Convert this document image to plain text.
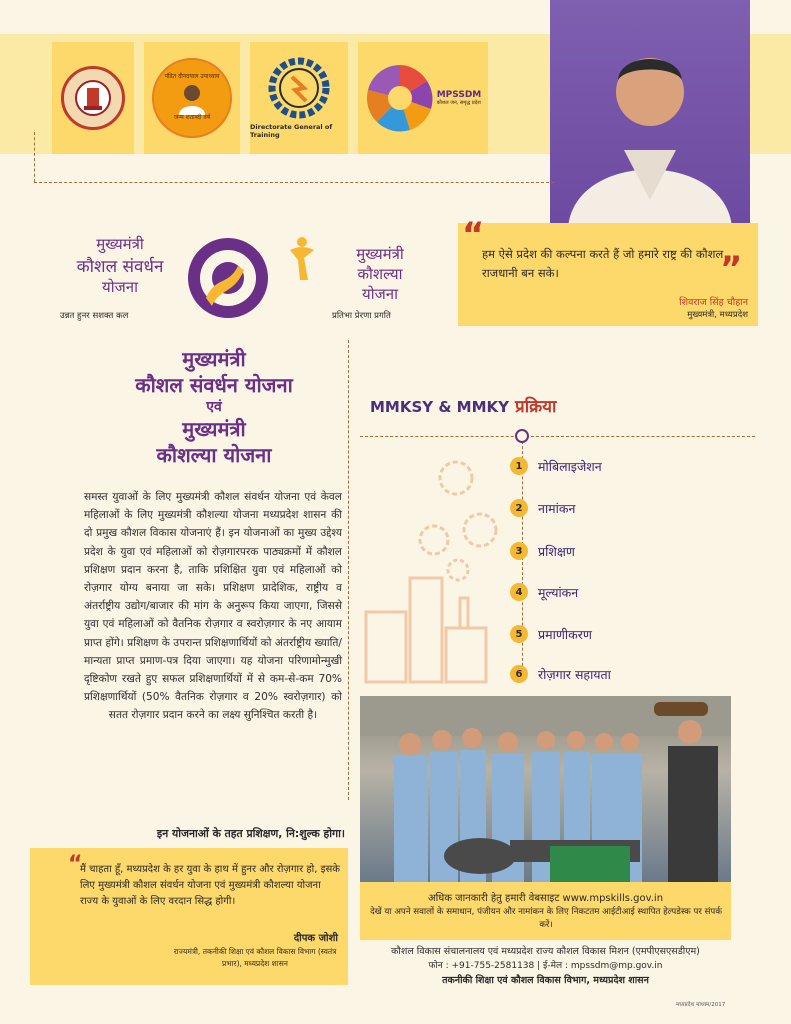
पंडित दीनदयाल उपाध्याय
जन्म शताब्दी वर्ष
Directorate General of Training
MPSSDM
कौशल जन, समृद्ध प्रदेश
“

हम ऐसे प्रदेश की कल्पना करते हैं जो हमारे राष्ट्र की कौशल राजधानी बन सके।	”

शिवराज सिंह चौहान

मुख्यमंत्री, मध्यप्रदेश

मुख्यमंत्री
कौशल संवर्धन
योजना
उन्नत हुनर सशक्त कल
मुख्यमंत्री
कौशल्या
योजना
प्रतिभा प्रेरणा प्रगति
मुख्यमंत्री
कौशल संवर्धन योजना
एवं
मुख्यमंत्री
कौशल्या योजना

समस्त युवाओं के लिए मुख्यमंत्री कौशल संवर्धन योजना एवं केवल महिलाओं के लिए मुख्यमंत्री कौशल्या योजना मध्यप्रदेश शासन की दो प्रमुख कौशल विकास योजनाएं हैं। इन योजनाओं का मुख्य उद्देश्य प्रदेश के युवा एवं महिलाओं को रोज़गारपरक पाठ्यक्रमों में कौशल प्रशिक्षण प्रदान करना है, ताकि प्रशिक्षित युवा एवं महिलाओं को रोज़गार योग्य बनाया जा सके। प्रशिक्षण प्रादेशिक, राष्ट्रीय व अंतर्राष्ट्रीय उद्योग/बाजार की मांग के अनुरूप किया जाएगा, जिससे युवा एवं महिलाओं को वैतनिक रोज़गार व स्वरोज़गार के नए आयाम प्राप्त होंगे। प्रशिक्षण के उपरान्त प्रशिक्षणार्थियों को अंतर्राष्ट्रीय ख्याति/मान्यता प्राप्त प्रमाण-पत्र दिया जाएगा। यह योजना परिणामोन्मुखी दृष्टिकोण रखते हुए सफल प्रशिक्षणार्थियों में से कम-से-कम 70% प्रशिक्षणार्थियों (50% वैतनिक रोज़गार व 20% स्वरोज़गार) को सतत रोज़गार प्रदान करने का लक्ष्य सुनिश्चित करती है।

इन योजनाओं के तहत प्रशिक्षण, नि:शुल्क होगा।

MMKSY & MMKY प्रक्रिया
1	मोबिलाइजेशन
2	नामांकन
3	प्रशिक्षण
4	मूल्यांकन
5	प्रमाणीकरण
6	रोज़गार सहायता

अधिक जानकारी हेतु हमारी वेबसाइट www.mpskills.gov.in

देखें या अपने सवालों के समाधान, पंजीयन और नामांकन के लिए निकटतम आईटीआई स्थापित हेल्पडेस्क पर संपर्क करें।

कौशल विकास संचालनालय एवं मध्यप्रदेश राज्य कौशल विकास मिशन (एमपीएसएसडीएम)

फोन : +91-755-2581138 | ई-मेल : mpssdm@mp.gov.in

तकनीकी शिक्षा एवं कौशल विकास विभाग, मध्यप्रदेश शासन

मध्यप्रदेश माध्यम/2017

“

मैं चाहता हूँ, मध्यप्रदेश के हर युवा के हाथ में हुनर और रोज़गार हो, इसके लिए मुख्यमंत्री कौशल संवर्धन योजना एवं मुख्यमंत्री कौशल्या योजना राज्य के युवाओं के लिए वरदान सिद्ध होगी।

दीपक जोशी

राज्यमंत्री, तकनीकी शिक्षा एवं कौशल विकास विभाग (स्वतंत्र प्रभार), मध्यप्रदेश शासन
